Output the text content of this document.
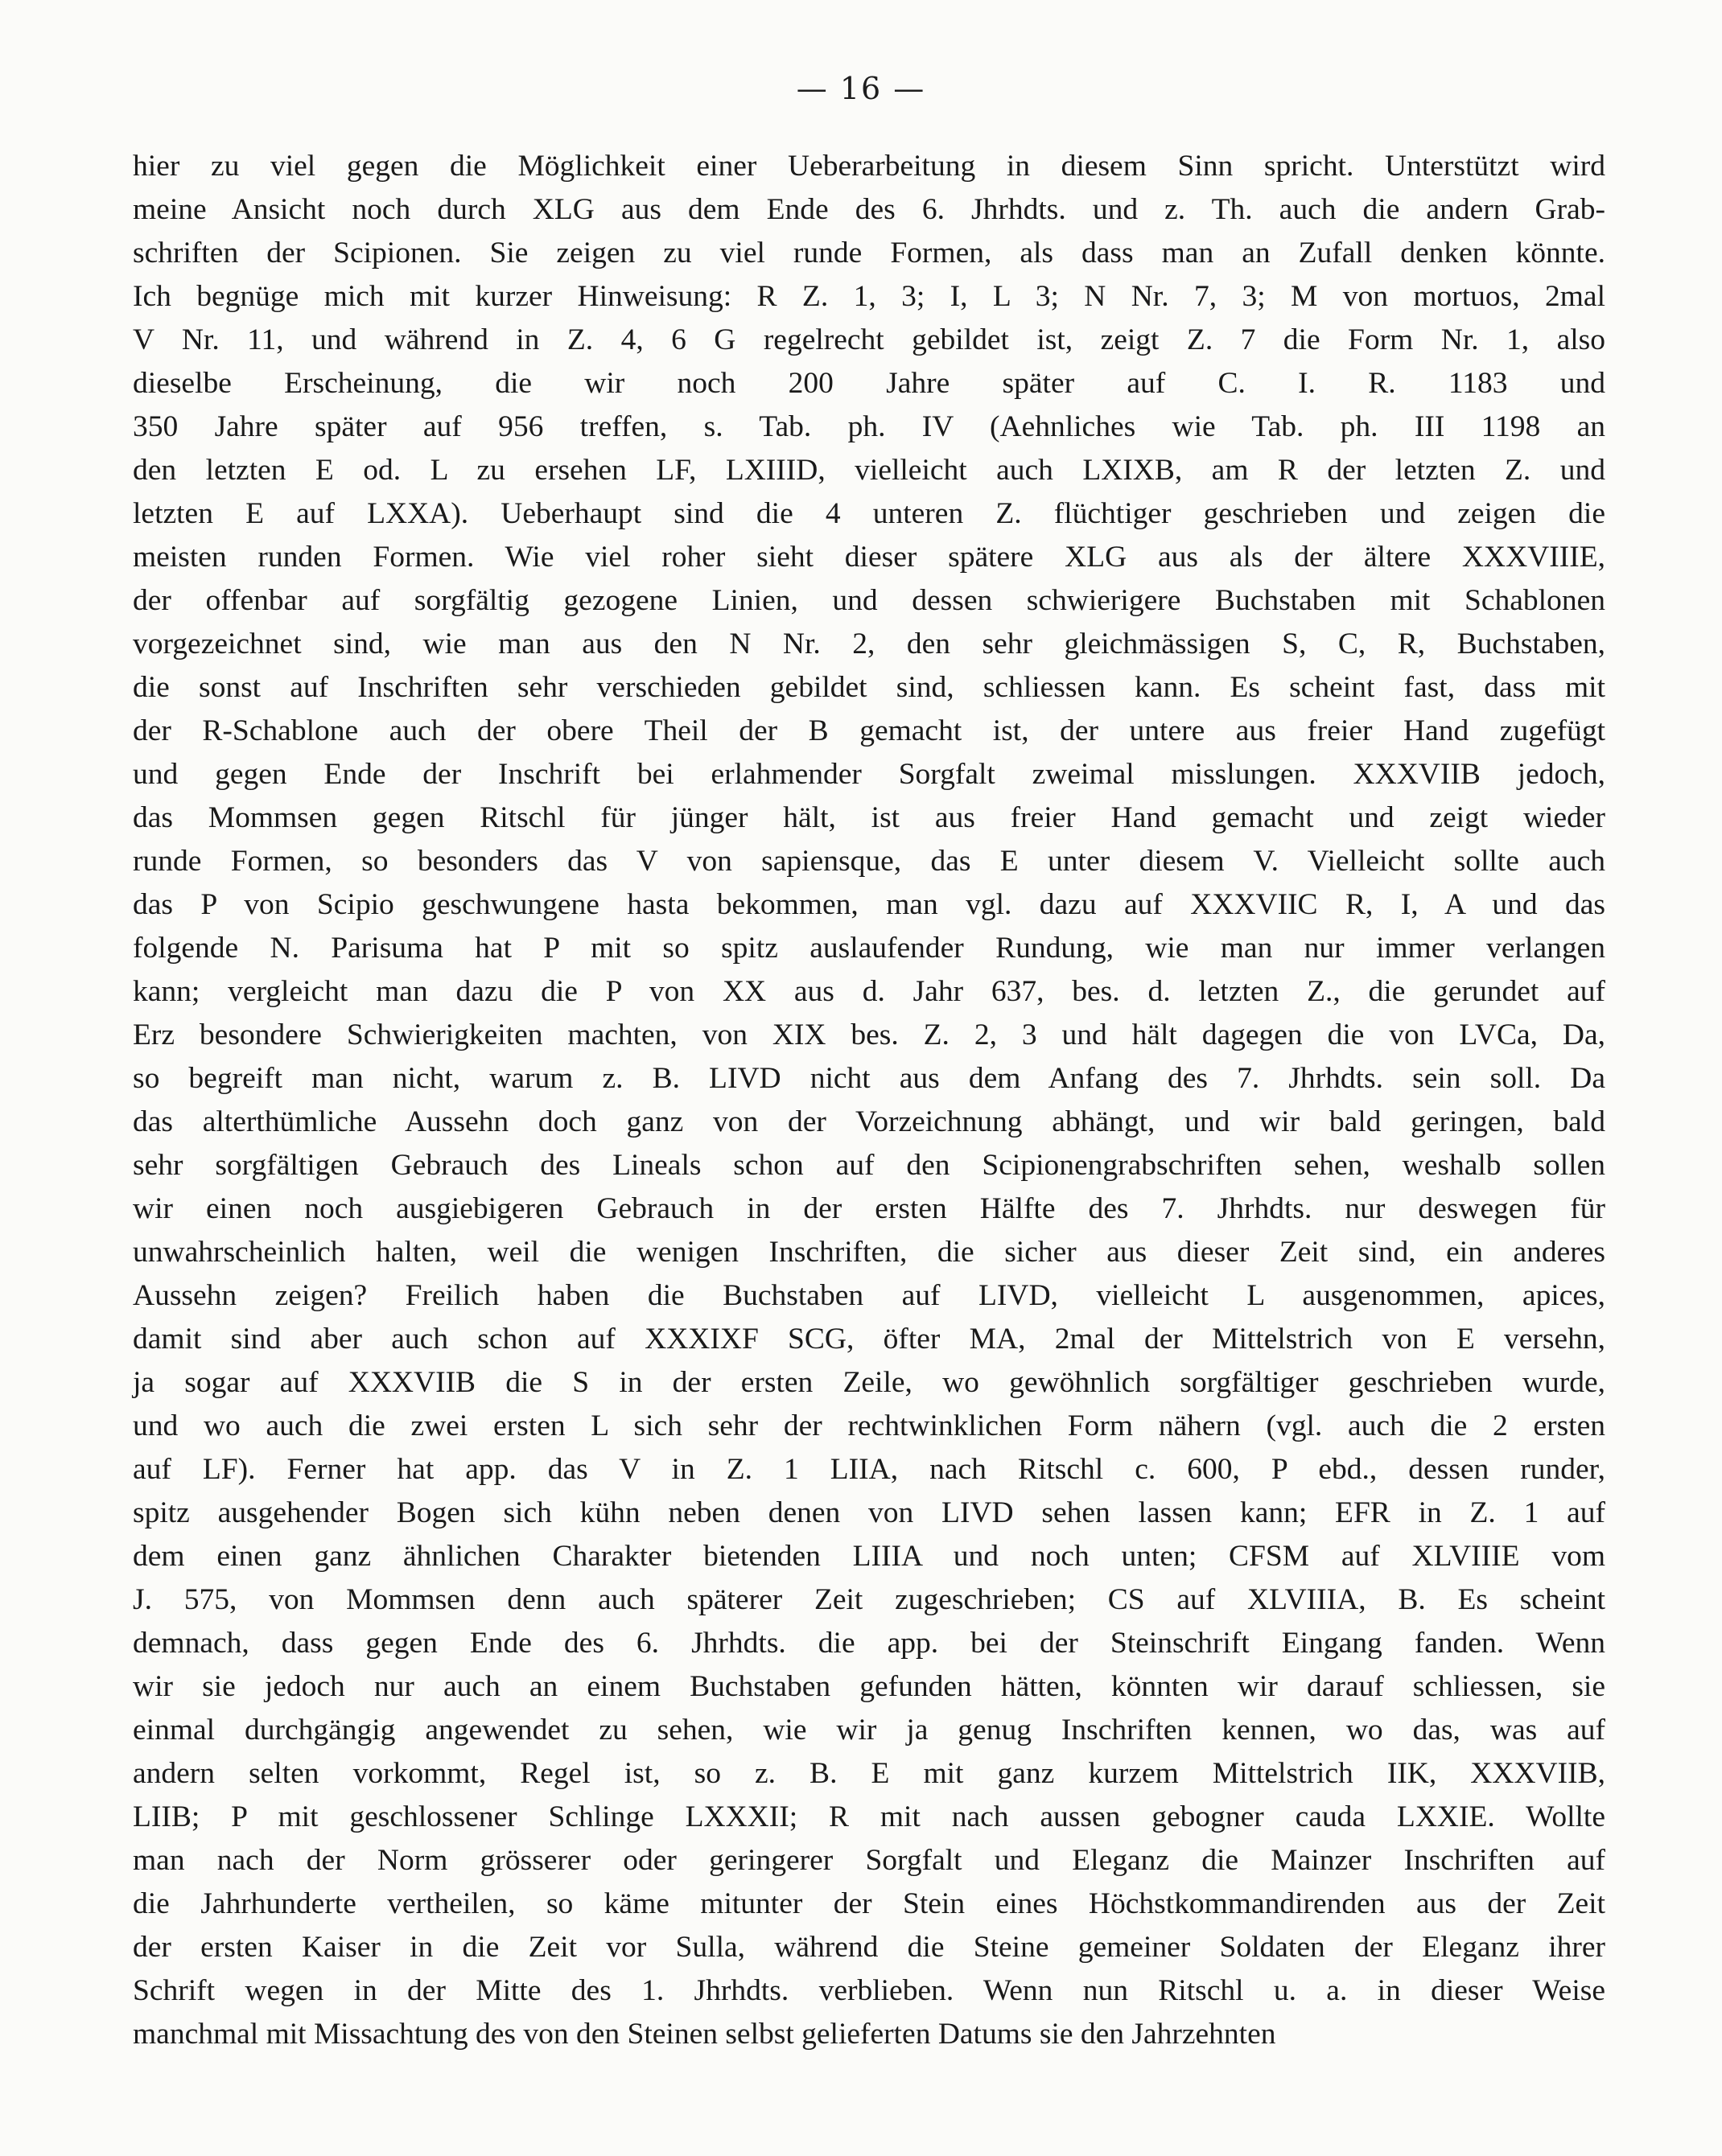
— 16 —
hier zu viel gegen die Möglichkeit einer Ueberarbeitung in diesem Sinn spricht. Unterstützt wird
meine Ansicht noch durch XLG aus dem Ende des 6. Jhrhdts. und z. Th. auch die andern Grab-
schriften der Scipionen. Sie zeigen zu viel runde Formen, als dass man an Zufall denken könnte.
Ich begnüge mich mit kurzer Hinweisung: R Z. 1, 3; I, L 3; N Nr. 7, 3; M von mortuos, 2mal
V Nr. 11, und während in Z. 4, 6 G regelrecht gebildet ist, zeigt Z. 7 die Form Nr. 1, also
dieselbe Erscheinung, die wir noch 200 Jahre später auf C. I. R. 1183 und
350 Jahre später auf 956 treffen, s. Tab. ph. IV (Aehnliches wie Tab. ph. III 1198 an
den letzten E od. L zu ersehen LF, LXIIID, vielleicht auch LXIXB, am R der letzten Z. und
letzten E auf LXXA). Ueberhaupt sind die 4 unteren Z. flüchtiger geschrieben und zeigen die
meisten runden Formen. Wie viel roher sieht dieser spätere XLG aus als der ältere XXXVIIIE,
der offenbar auf sorgfältig gezogene Linien, und dessen schwierigere Buchstaben mit Schablonen
vorgezeichnet sind, wie man aus den N Nr. 2, den sehr gleichmässigen S, C, R, Buchstaben,
die sonst auf Inschriften sehr verschieden gebildet sind, schliessen kann. Es scheint fast, dass mit
der R-Schablone auch der obere Theil der B gemacht ist, der untere aus freier Hand zugefügt
und gegen Ende der Inschrift bei erlahmender Sorgfalt zweimal misslungen. XXXVIIB jedoch,
das Mommsen gegen Ritschl für jünger hält, ist aus freier Hand gemacht und zeigt wieder
runde Formen, so besonders das V von sapiensque, das E unter diesem V. Vielleicht sollte auch
das P von Scipio geschwungene hasta bekommen, man vgl. dazu auf XXXVIIC R, I, A und das
folgende N. Parisuma hat P mit so spitz auslaufender Rundung, wie man nur immer verlangen
kann; vergleicht man dazu die P von XX aus d. Jahr 637, bes. d. letzten Z., die gerundet auf
Erz besondere Schwierigkeiten machten, von XIX bes. Z. 2, 3 und hält dagegen die von LVCa, Da,
so begreift man nicht, warum z. B. LIVD nicht aus dem Anfang des 7. Jhrhdts. sein soll. Da
das alterthümliche Aussehn doch ganz von der Vorzeichnung abhängt, und wir bald geringen, bald
sehr sorgfältigen Gebrauch des Lineals schon auf den Scipionengrabschriften sehen, weshalb sollen
wir einen noch ausgiebigeren Gebrauch in der ersten Hälfte des 7. Jhrhdts. nur deswegen für
unwahrscheinlich halten, weil die wenigen Inschriften, die sicher aus dieser Zeit sind, ein anderes
Aussehn zeigen? Freilich haben die Buchstaben auf LIVD, vielleicht L ausgenommen, apices,
damit sind aber auch schon auf XXXIXF SCG, öfter MA, 2mal der Mittelstrich von E versehn,
ja sogar auf XXXVIIB die S in der ersten Zeile, wo gewöhnlich sorgfältiger geschrieben wurde,
und wo auch die zwei ersten L sich sehr der rechtwinklichen Form nähern (vgl. auch die 2 ersten
auf LF). Ferner hat app. das V in Z. 1 LIIA, nach Ritschl c. 600, P ebd., dessen runder,
spitz ausgehender Bogen sich kühn neben denen von LIVD sehen lassen kann; EFR in Z. 1 auf
dem einen ganz ähnlichen Charakter bietenden LIIIA und noch unten; CFSM auf XLVIIIE vom
J. 575, von Mommsen denn auch späterer Zeit zugeschrieben; CS auf XLVIIIA, B. Es scheint
demnach, dass gegen Ende des 6. Jhrhdts. die app. bei der Steinschrift Eingang fanden. Wenn
wir sie jedoch nur auch an einem Buchstaben gefunden hätten, könnten wir darauf schliessen, sie
einmal durchgängig angewendet zu sehen, wie wir ja genug Inschriften kennen, wo das, was auf
andern selten vorkommt, Regel ist, so z. B. E mit ganz kurzem Mittelstrich IIK, XXXVIIB,
LIIB; P mit geschlossener Schlinge LXXXII; R mit nach aussen gebogner cauda LXXIE. Wollte
man nach der Norm grösserer oder geringerer Sorgfalt und Eleganz die Mainzer Inschriften auf
die Jahrhunderte vertheilen, so käme mitunter der Stein eines Höchstkommandirenden aus der Zeit
der ersten Kaiser in die Zeit vor Sulla, während die Steine gemeiner Soldaten der Eleganz ihrer
Schrift wegen in der Mitte des 1. Jhrhdts. verblieben. Wenn nun Ritschl u. a. in dieser Weise
manchmal mit Missachtung des von den Steinen selbst gelieferten Datums sie den Jahrzehnten
